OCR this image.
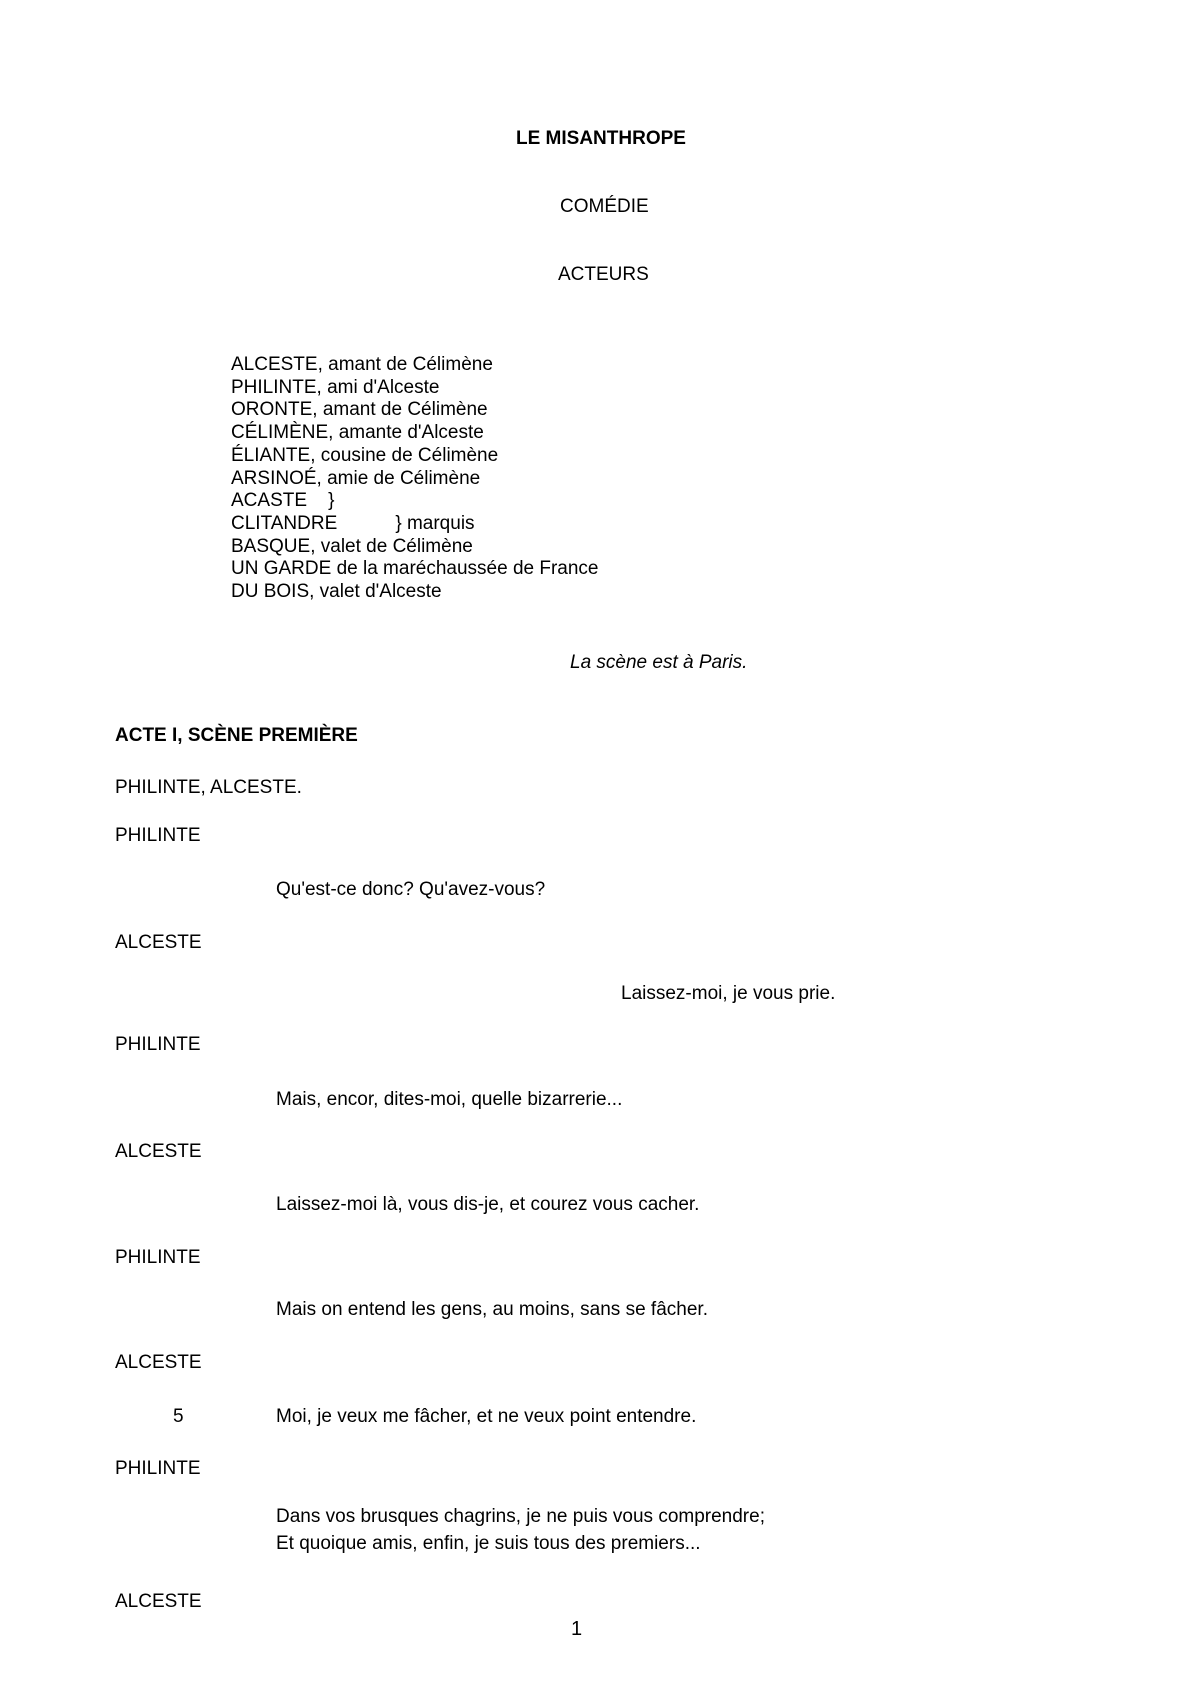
LE MISANTHROPE
COMÉDIE
ACTEURS
ALCESTE, amant de Célimène
PHILINTE, ami d'Alceste
ORONTE, amant de Célimène
CÉLIMÈNE, amante d'Alceste
ÉLIANTE, cousine de Célimène
ARSINOÉ, amie de Célimène
ACASTE    }
CLITANDRE           } marquis
BASQUE, valet de Célimène
UN GARDE de la maréchaussée de France
DU BOIS, valet d'Alceste
La scène est à Paris.
ACTE I, SCÈNE PREMIÈRE
PHILINTE, ALCESTE.
PHILINTE
Qu'est-ce donc? Qu'avez-vous?
ALCESTE
Laissez-moi, je vous prie.
PHILINTE
Mais, encor, dites-moi, quelle bizarrerie...
ALCESTE
Laissez-moi là, vous dis-je, et courez vous cacher.
PHILINTE
Mais on entend les gens, au moins, sans se fâcher.
ALCESTE
5	Moi, je veux me fâcher, et ne veux point entendre.
PHILINTE
Dans vos brusques chagrins, je ne puis vous comprendre;
Et quoique amis, enfin, je suis tous des premiers...
ALCESTE
1
